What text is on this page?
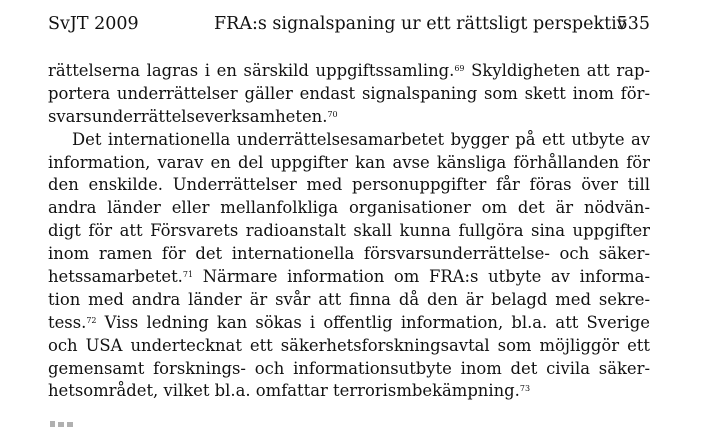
SvJT 2009	FRA:s signalspaning ur ett rättsligt perspektiv
535
rättelserna lagras i en särskild uppgiftssamling.$^{69}$ Skyldigheten att rap-
portera underrättelser gäller endast signalspaning som skett inom för-
svarsunderrättelseverksamheten.$^{70}$
Det internationella underrättelsesamarbetet bygger på ett utbyte av
information, varav en del uppgifter kan avse känsliga förhållanden för
den enskilde. Underrättelser med personuppgifter får föras över till
andra länder eller mellanfolkliga organisationer om det är nödvän-
digt för att Försvarets radioanstalt skall kunna fullgöra sina uppgifter
inom ramen för det internationella försvarsunderrättelse- och säker-
hetssamarbetet.$^{71}$ Närmare information om FRA:s utbyte av informa-
tion med andra länder är svår att finna då den är belagd med sekre-
tess.$^{72}$ Viss ledning kan sökas i offentlig information, bl.a. att Sverige
och USA undertecknat ett säkerhetsforskningsavtal som möjliggör ett
gemensamt forsknings- och informationsutbyte inom det civila säker-
hetsområdet, vilket bl.a. omfattar terrorismbekämpning.$^{73}$
